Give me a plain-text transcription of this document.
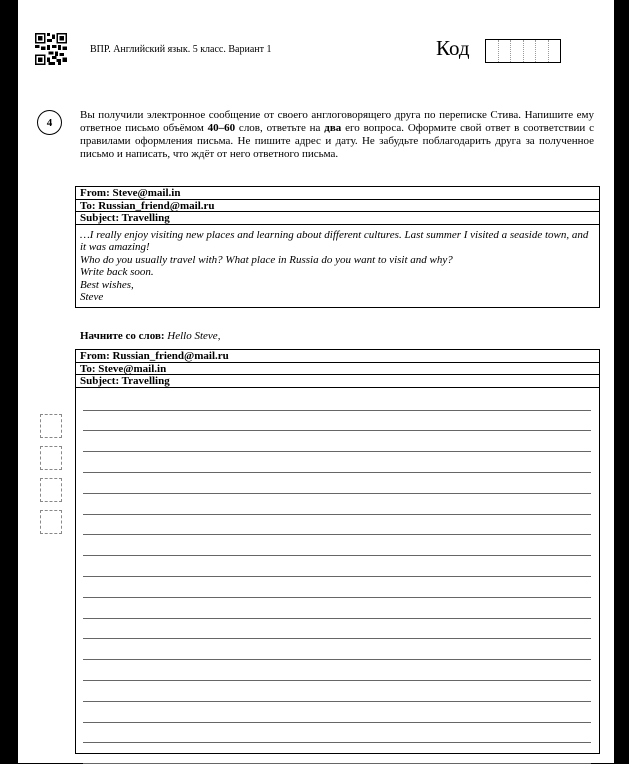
ВПР. Английский язык. 5 класс. Вариант 1	Код
4
Вы получили электронное сообщение от своего англоговорящего друга по переписке Стива. Напишите ему ответное письмо объёмом 40–60 слов, ответьте на два его вопроса. Оформите свой ответ в соответствии с правилами оформления письма. Не пишите адрес и дату. Не забудьте поблагодарить друга за полученное письмо и написать, что ждёт от него ответного письма.
From: Steve@mail.in
To: Russian_friend@mail.ru
Subject: Travelling
…I really enjoy visiting new places and learning about different cultures. Last summer I visited a seaside town, and it was amazing!
Who do you usually travel with? What place in Russia do you want to visit and why?
Write back soon.
Best wishes,
Steve
Начните со слов: Hello Steve,
From: Russian_friend@mail.ru
To: Steve@mail.in
Subject: Travelling
